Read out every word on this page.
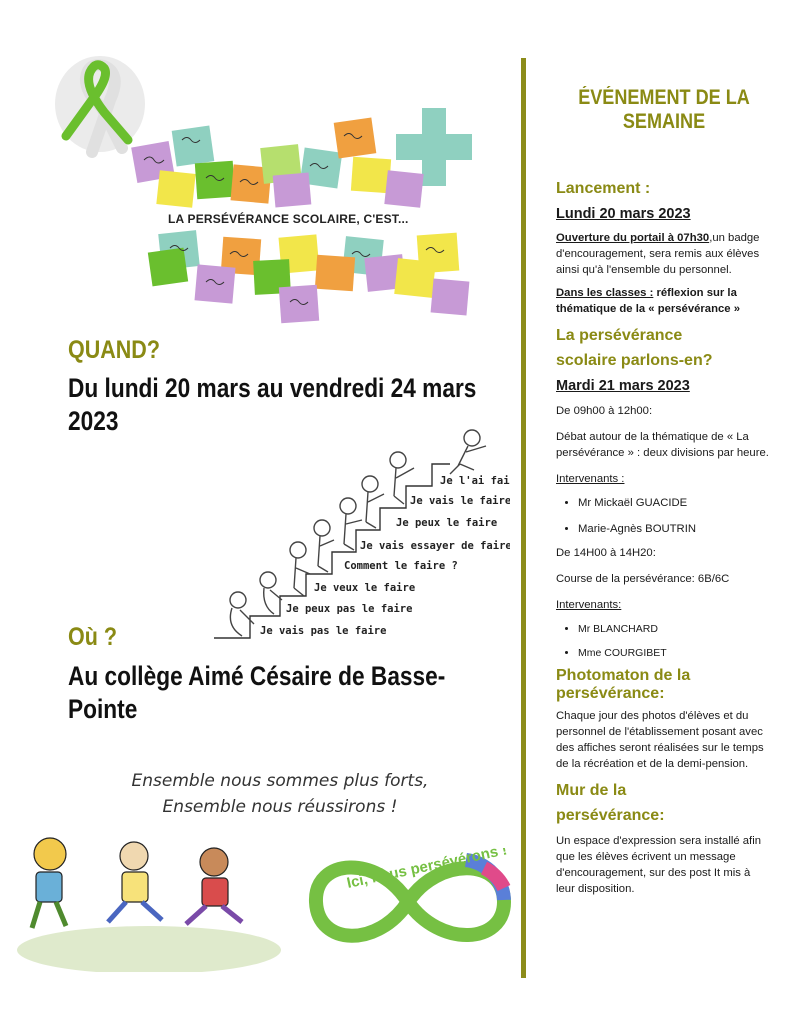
LA PERSÉVÉRANCE SCOLAIRE, C'EST...
QUAND?
Du lundi 20 mars au vendredi 24 mars 2023
Je vais pas le faire
Je peux pas le faire
Je veux le faire
Comment le faire ?
Je vais essayer de faire
Je peux le faire
Je vais le faire
Je l'ai fait
Où ?
Au collège Aimé Césaire de Basse-Pointe
Ensemble nous sommes plus forts,
Ensemble nous réussirons !
Ici, nous persévérons !
ÉVÉNEMENT DE LA SEMAINE
Lancement :
Lundi 20 mars 2023

Ouverture du portail à 07h30,un badge d'encouragement, sera remis aux élèves ainsi qu'à l'ensemble du personnel.

Dans les classes : réflexion sur la thématique de la « persévérance »

La persévérance scolaire parlons-en?
Mardi 21 mars 2023

De 09h00 à 12h00:

Débat autour de la thématique de « La persévérance » : deux divisions par heure.

Intervenants :

• Mr Mickaël GUACIDE
• Marie-Agnès BOUTRIN

De 14H00 à 14H20:

Course de la persévérance: 6B/6C

Intervenants:

• Mr BLANCHARD
• Mme COURGIBET
Photomaton de la persévérance:

Chaque jour des photos d'élèves et du personnel de l'établissement posant avec des affiches seront réalisées sur le temps de la récréation et de la demi-pension.

Mur de la persévérance:

Un espace d'expression sera installé afin que les élèves écrivent un message d'encouragement, sur des post It mis à leur disposition.
